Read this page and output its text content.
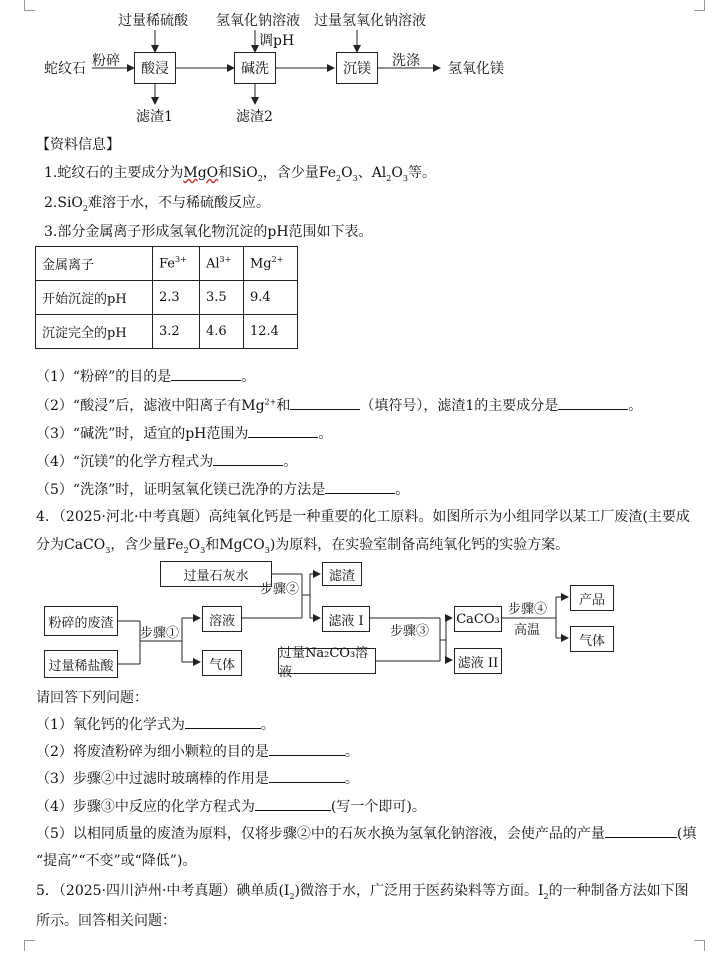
过量稀硫酸 氢氧化钠溶液
调pH
过量氢氧化钠溶液
蛇纹石 粉碎	酸浸	碱洗	沉镁	洗涤 氢氧化镁
滤渣1	滤渣2
【资料信息】
1.蛇纹石的主要成分为MgO和SiO$_2$，含少量$Fe_2O_3$、$Al_2O_3$等。
2.SiO$_2$难溶于水，不与稀硫酸反应。
3.部分金属离子形成氢氧化物沉淀的pH范围如下表。
金属离子	$Fe^{3+}$	$Al^{3+}$	$Mg^{2+}$
开始沉淀的pH	2.3	3.5	9.4
沉淀完全的pH	3.2	4.6	12.4
（1）“粉碎”的目的是	。
（2）“酸浸”后，滤液中阳离子有$Mg^{2+}$和	（填符号），滤渣1的主要成分是	。
（3）“碱洗”时，适宜的pH范围为	。
（4）“沉镁”的化学方程式为	。
（5）“洗涤”时，证明氢氧化镁已洗净的方法是	。
4．（2025·河北·中考真题）高纯氧化钙是一种重要的化工原料。如图所示为小组同学以某工厂废渣(主要成
分为CaCO$_3$，含少量$Fe_2O_3$和MgCO$_3$)为原料，在实验室制备高纯氧化钙的实验方案。
粉碎的废渣
过量稀盐酸
步骤①
溶液
气体
过量石灰水
步骤②
滤渣
滤液 I
步骤③
过量Na₂CO₃溶液
CaCO₃
滤液 II
步骤④
高温
产品
气体
请回答下列问题：
（1）氧化钙的化学式为	。
（2）将废渣粉碎为细小颗粒的目的是	。
（3）步骤②中过滤时玻璃棒的作用是	。
（4）步骤③中反应的化学方程式为	(写一个即可)。
（5）以相同质量的废渣为原料，仅将步骤②中的石灰水换为氢氧化钠溶液，会使产品的产量	(填
“提高”“不变”或“降低”)。
5．（2025·四川泸州·中考真题）碘单质$(I_2)$微溶于水，广泛用于医药染料等方面。$I_2$的一种制备方法如下图
所示。回答相关问题：
